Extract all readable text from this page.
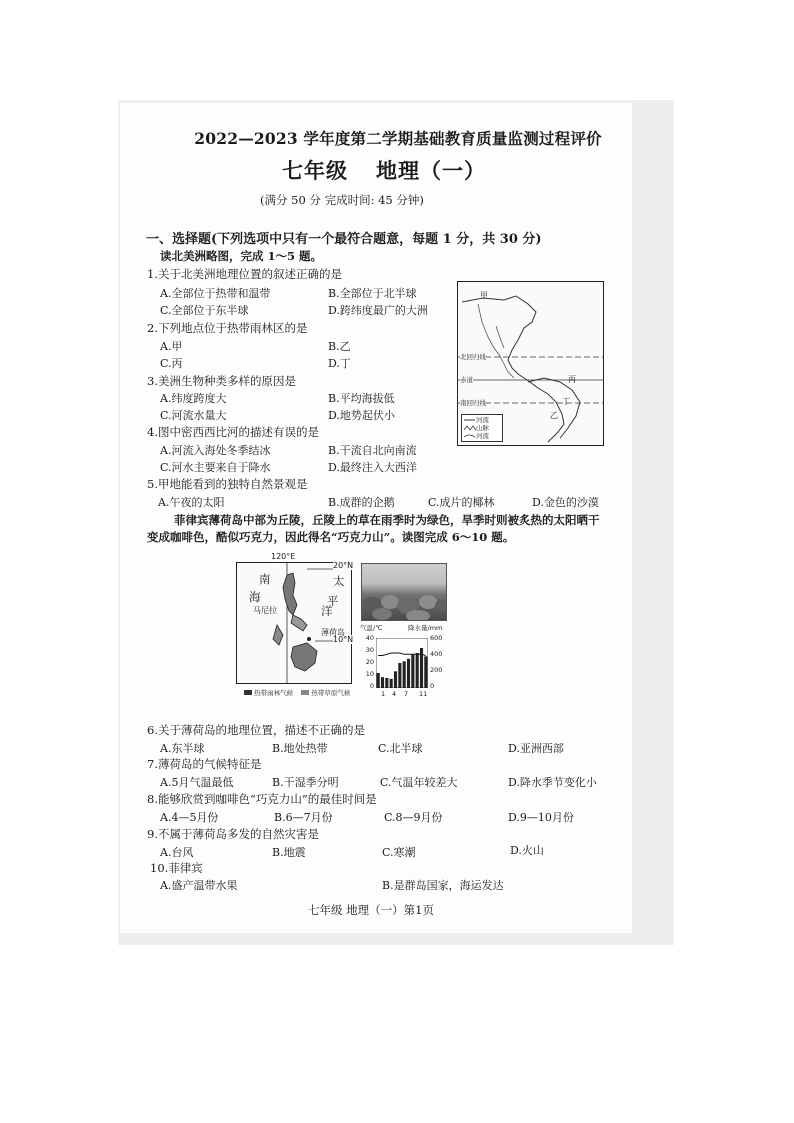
2022—2023 学年度第二学期基础教育质量监测过程评价
七年级 地理（一）
(满分 50 分 完成时间: 45 分钟)
一、选择题(下列选项中只有一个最符合题意，每题 1 分，共 30 分)
读北美洲略图，完成 1～5 题。
1.关于北美洲地理位置的叙述正确的是
A.全部位于热带和温带	B.全部位于北半球
C.全部位于东半球	D.跨纬度最广的大洲
2.下列地点位于热带雨林区的是
A.甲	B.乙
C.丙	D.丁
3.美洲生物种类多样的原因是
A.纬度跨度大	B.平均海拔低
C.河流水量大	D.地势起伏小
4.图中密西西比河的描述有误的是
A.河流入海处冬季结冰	B.干流自北向南流
C.河水主要来自于降水	D.最终注入大西洋
5.甲地能看到的独特自然景观是
A.午夜的太阳	B.成群的企鹅	C.成片的椰林	D.金色的沙漠
北回归线
赤道
南回归线
甲
丁
丙
乙
河流
山脉
河流
菲律宾薄荷岛中部为丘陵，丘陵上的草在雨季时为绿色，旱季时则被炙热的太阳晒干
变成咖啡色，酷似巧克力，因此得名“巧克力山”。读图完成 6～10 题。
120°E
20°N
10°N
南
海
太
平
洋
马尼拉
薄荷岛
热带雨林气候	热带草原气候
气温/℃	降水量/mm
40
30
20
10
0
600
400
200
0
1 4 7 11
6.关于薄荷岛的地理位置，描述不正确的是
A.东半球	B.地处热带	C.北半球	D.亚洲西部
7.薄荷岛的气候特征是
A.5月气温最低	B.干湿季分明	C.气温年较差大	D.降水季节变化小
8.能够欣赏到咖啡色“巧克力山”的最佳时间是
A.4—5月份	B.6—7月份	C.8—9月份	D.9—10月份
9.不属于薄荷岛多发的自然灾害是
A.台风	B.地震	C.寒潮	D.火山
10.菲律宾
A.盛产温带水果	B.是群岛国家，海运发达
七年级 地理（一）第1页
